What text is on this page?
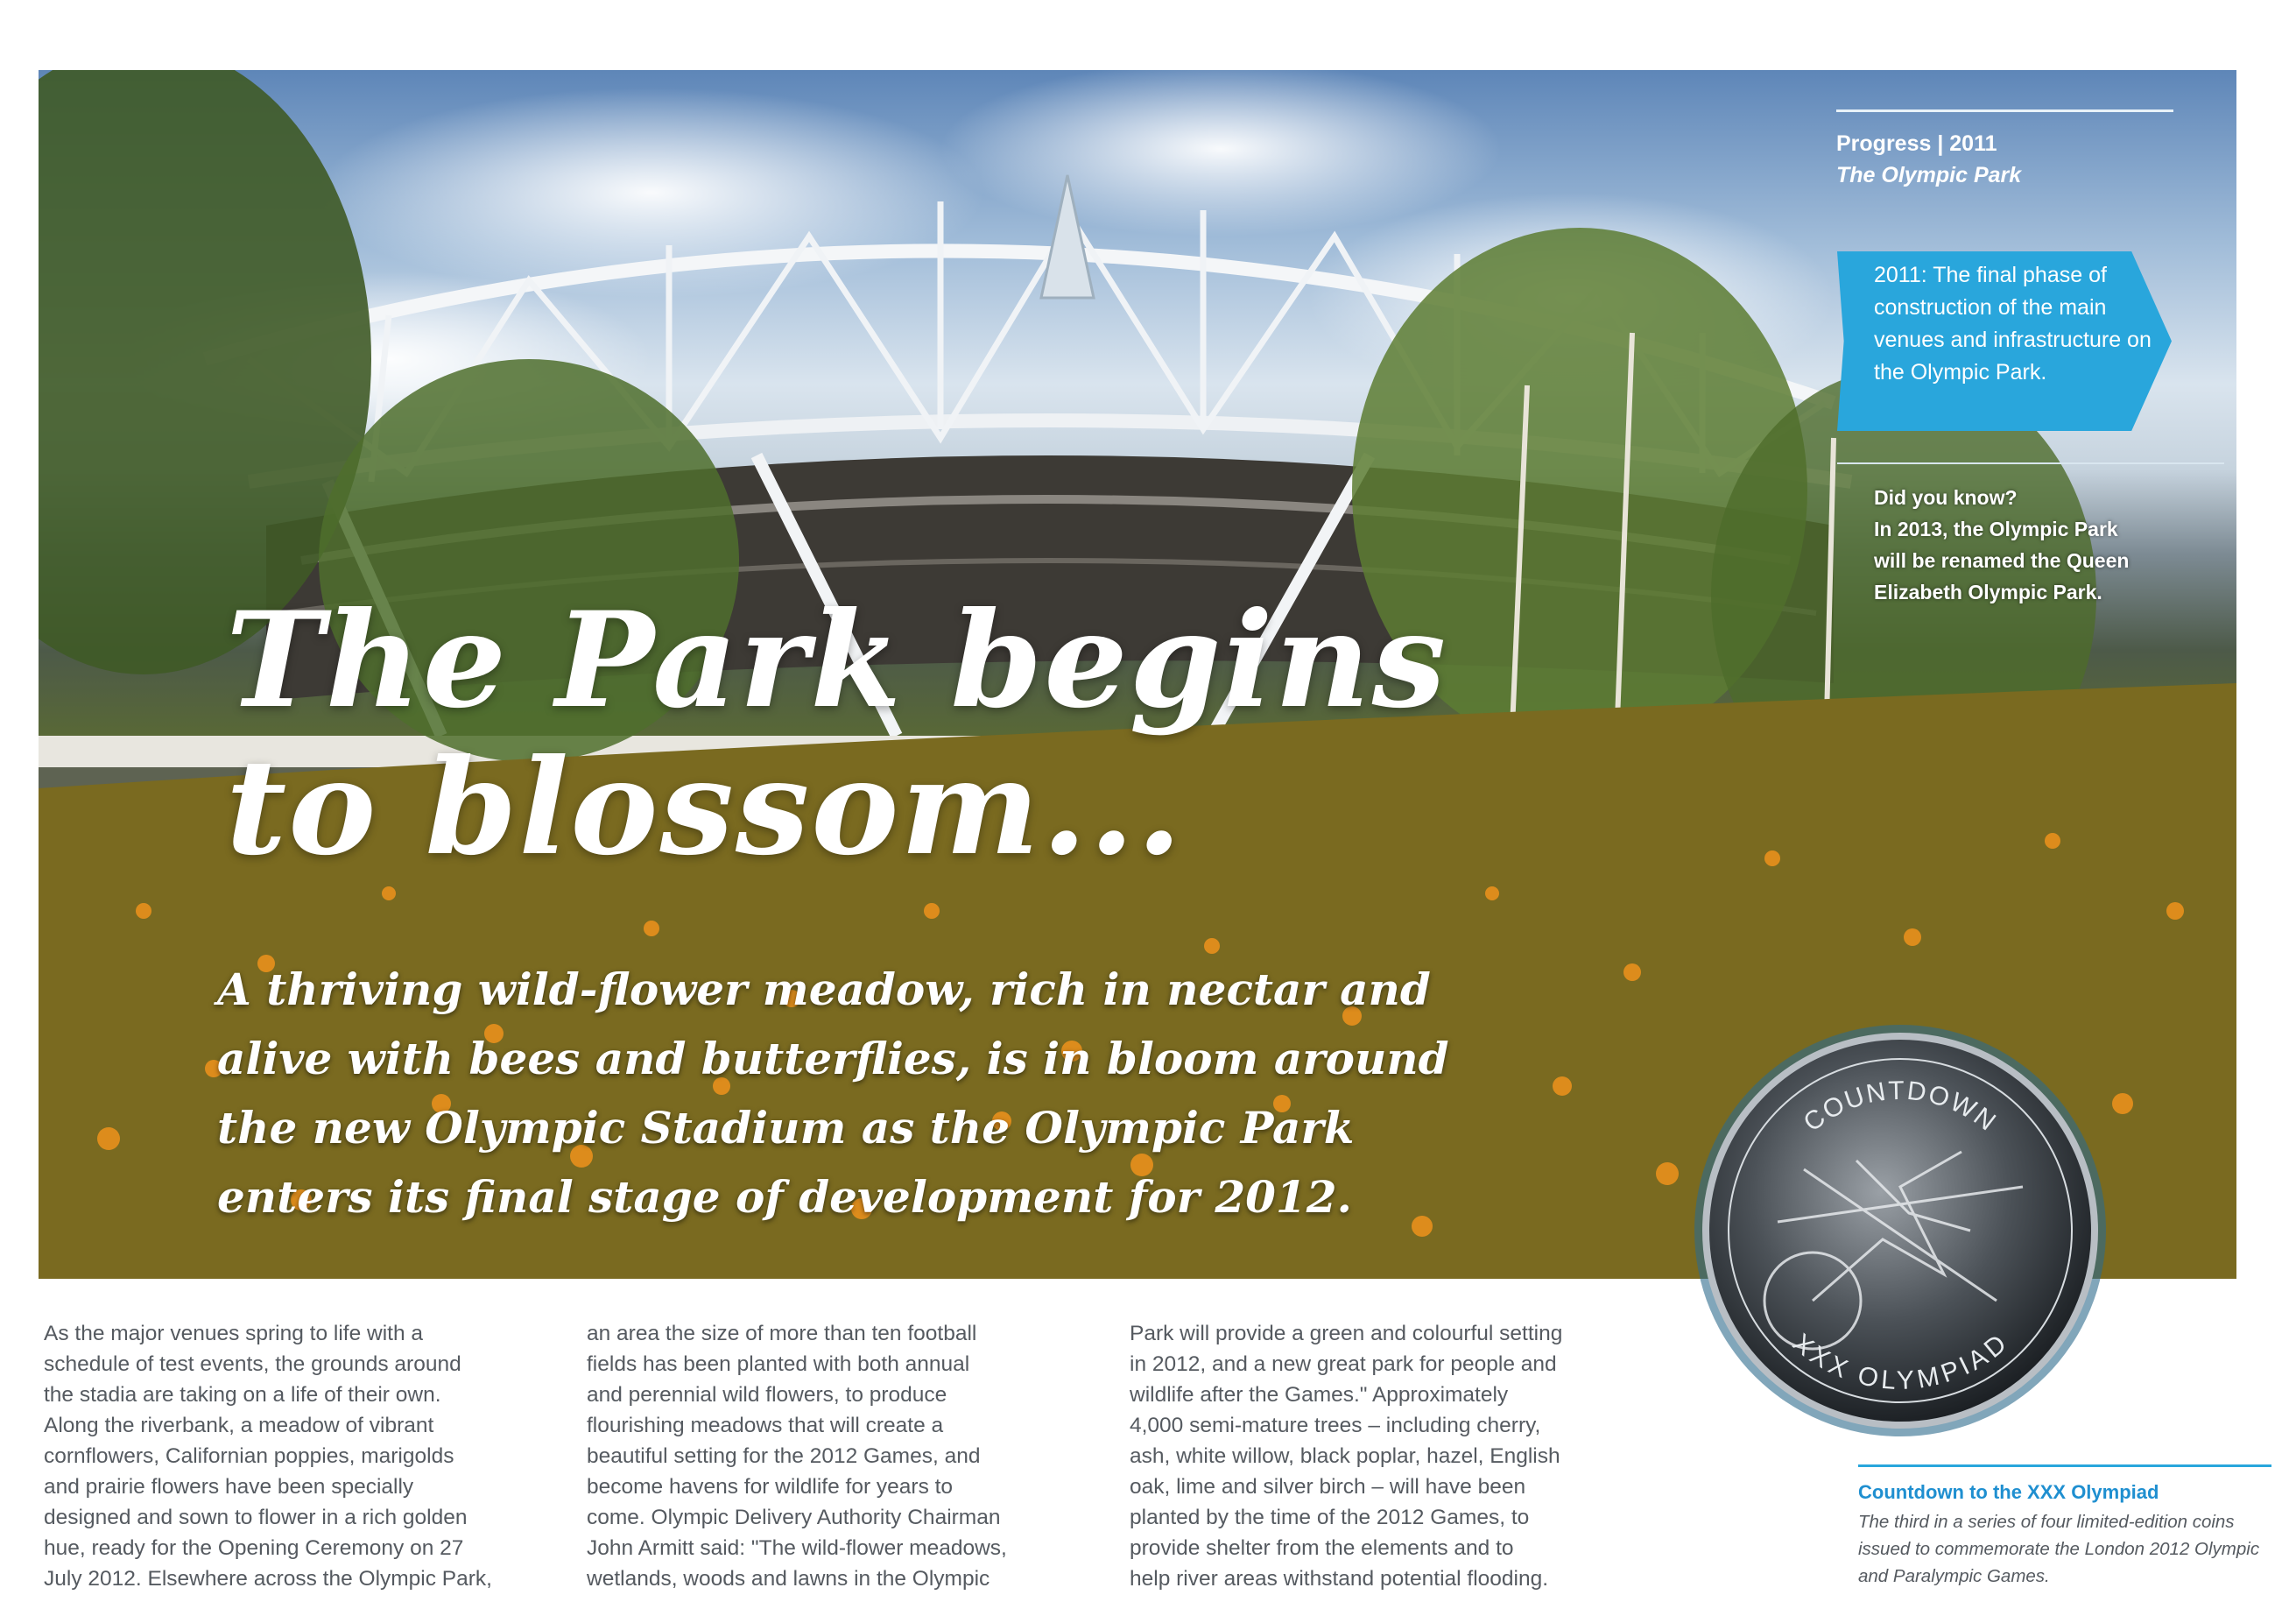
Progress | 2011
The Olympic Park
2011: The final phase of construction of the main venues and infrastructure on the Olympic Park.
Did you know?
In 2013, the Olympic Park will be renamed the Queen Elizabeth Olympic Park.
The Park begins
to blossom...
A thriving wild-flower meadow, rich in nectar and
alive with bees and butterflies, is in bloom around
the new Olympic Stadium as the Olympic Park
enters its final stage of development for 2012.
COUNTDOWN
XXX OLYMPIAD
As the major venues spring to life with a
schedule of test events, the grounds around
the stadia are taking on a life of their own.
Along the riverbank, a meadow of vibrant
cornflowers, Californian poppies, marigolds
and prairie flowers have been specially
designed and sown to flower in a rich golden
hue, ready for the Opening Ceremony on 27
July 2012. Elsewhere across the Olympic Park,
an area the size of more than ten football
fields has been planted with both annual
and perennial wild flowers, to produce
flourishing meadows that will create a
beautiful setting for the 2012 Games, and
become havens for wildlife for years to
come. Olympic Delivery Authority Chairman
John Armitt said: "The wild-flower meadows,
wetlands, woods and lawns in the Olympic
Park will provide a green and colourful setting
in 2012, and a new great park for people and
wildlife after the Games." Approximately
4,000 semi-mature trees – including cherry,
ash, white willow, black poplar, hazel, English
oak, lime and silver birch – will have been
planted by the time of the 2012 Games, to
provide shelter from the elements and to
help river areas withstand potential flooding.
Countdown to the XXX Olympiad
The third in a series of four limited-edition coins issued to commemorate the London 2012 Olympic and Paralympic Games.
